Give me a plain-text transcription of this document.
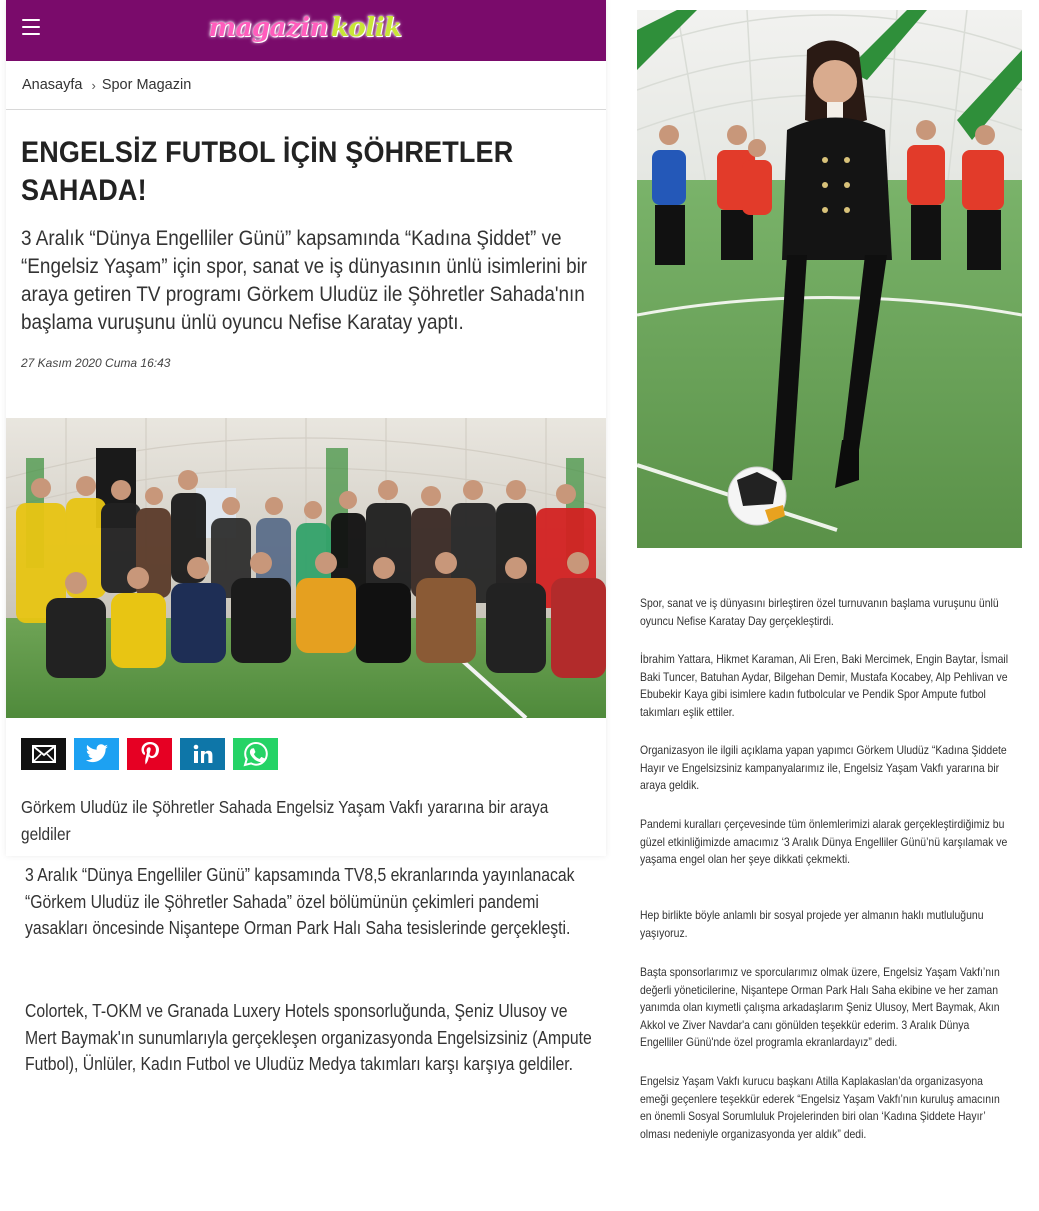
magazin kolik
Anasayfa › Spor Magazin
ENGELSİZ FUTBOL İÇİN ŞÖHRETLER SAHADA!
3 Aralık “Dünya Engelliler Günü” kapsamında “Kadına Şiddet” ve “Engelsiz Yaşam” için spor, sanat ve iş dünyasının ünlü isimlerini bir araya getiren TV programı Görkem Uludüz ile Şöhretler Sahada'nın başlama vuruşunu ünlü oyuncu Nefise Karatay yaptı.
27 Kasım 2020 Cuma 16:43
Görkem Uludüz ile Şöhretler Sahada Engelsiz Yaşam Vakfı yararına bir araya geldiler
3 Aralık “Dünya Engelliler Günü” kapsamında TV8,5 ekranlarında yayınlanacak “Görkem Uludüz ile Şöhretler Sahada” özel bölümünün çekimleri pandemi yasakları öncesinde Nişantepe Orman Park Halı Saha tesislerinde gerçekleşti.
Colortek, T-OKM ve Granada Luxery Hotels sponsorluğunda, Şeniz Ulusoy ve Mert Baymak'ın sunumlarıyla gerçekleşen organizasyonda Engelsizsiniz (Ampute Futbol), Ünlüler, Kadın Futbol ve Uludüz Medya takımları karşı karşıya geldiler.
Spor, sanat ve iş dünyasını birleştiren özel turnuvanın başlama vuruşunu ünlü oyuncu Nefise Karatay Day gerçekleştirdi.
İbrahim Yattara, Hikmet Karaman, Ali Eren, Baki Mercimek, Engin Baytar, İsmail Baki Tuncer, Batuhan Aydar, Bilgehan Demir, Mustafa Kocabey, Alp Pehlivan ve Ebubekir Kaya gibi isimlere kadın futbolcular ve Pendik Spor Ampute futbol takımları eşlik ettiler.
Organizasyon ile ilgili açıklama yapan yapımcı Görkem Uludüz “Kadına Şiddete Hayır ve Engelsizsiniz kampanyalarımız ile, Engelsiz Yaşam Vakfı yararına bir araya geldik.
Pandemi kuralları çerçevesinde tüm önlemlerimizi alarak gerçekleştirdiğimiz bu güzel etkinliğimizde amacımız ‘3 Aralık Dünya Engelliler Günü’nü karşılamak ve yaşama engel olan her şeye dikkati çekmekti.
Hep birlikte böyle anlamlı bir sosyal projede yer almanın haklı mutluluğunu yaşıyoruz.
Başta sponsorlarımız ve sporcularımız olmak üzere, Engelsiz Yaşam Vakfı’nın değerli yöneticilerine, Nişantepe Orman Park Halı Saha ekibine ve her zaman yanımda olan kıymetli çalışma arkadaşlarım Şeniz Ulusoy, Mert Baymak, Akın Akkol ve Ziver Navdar'a canı gönülden teşekkür ederim. 3 Aralık Dünya Engelliler Günü'nde özel programla ekranlardayız” dedi.
Engelsiz Yaşam Vakfı kurucu başkanı Atilla Kaplakaslan’da organizasyona emeği geçenlere teşekkür ederek “Engelsiz Yaşam Vakfı’nın kuruluş amacının en önemli Sosyal Sorumluluk Projelerinden biri olan ‘Kadına Şiddete Hayır’ olması nedeniyle organizasyonda yer aldık” dedi.
